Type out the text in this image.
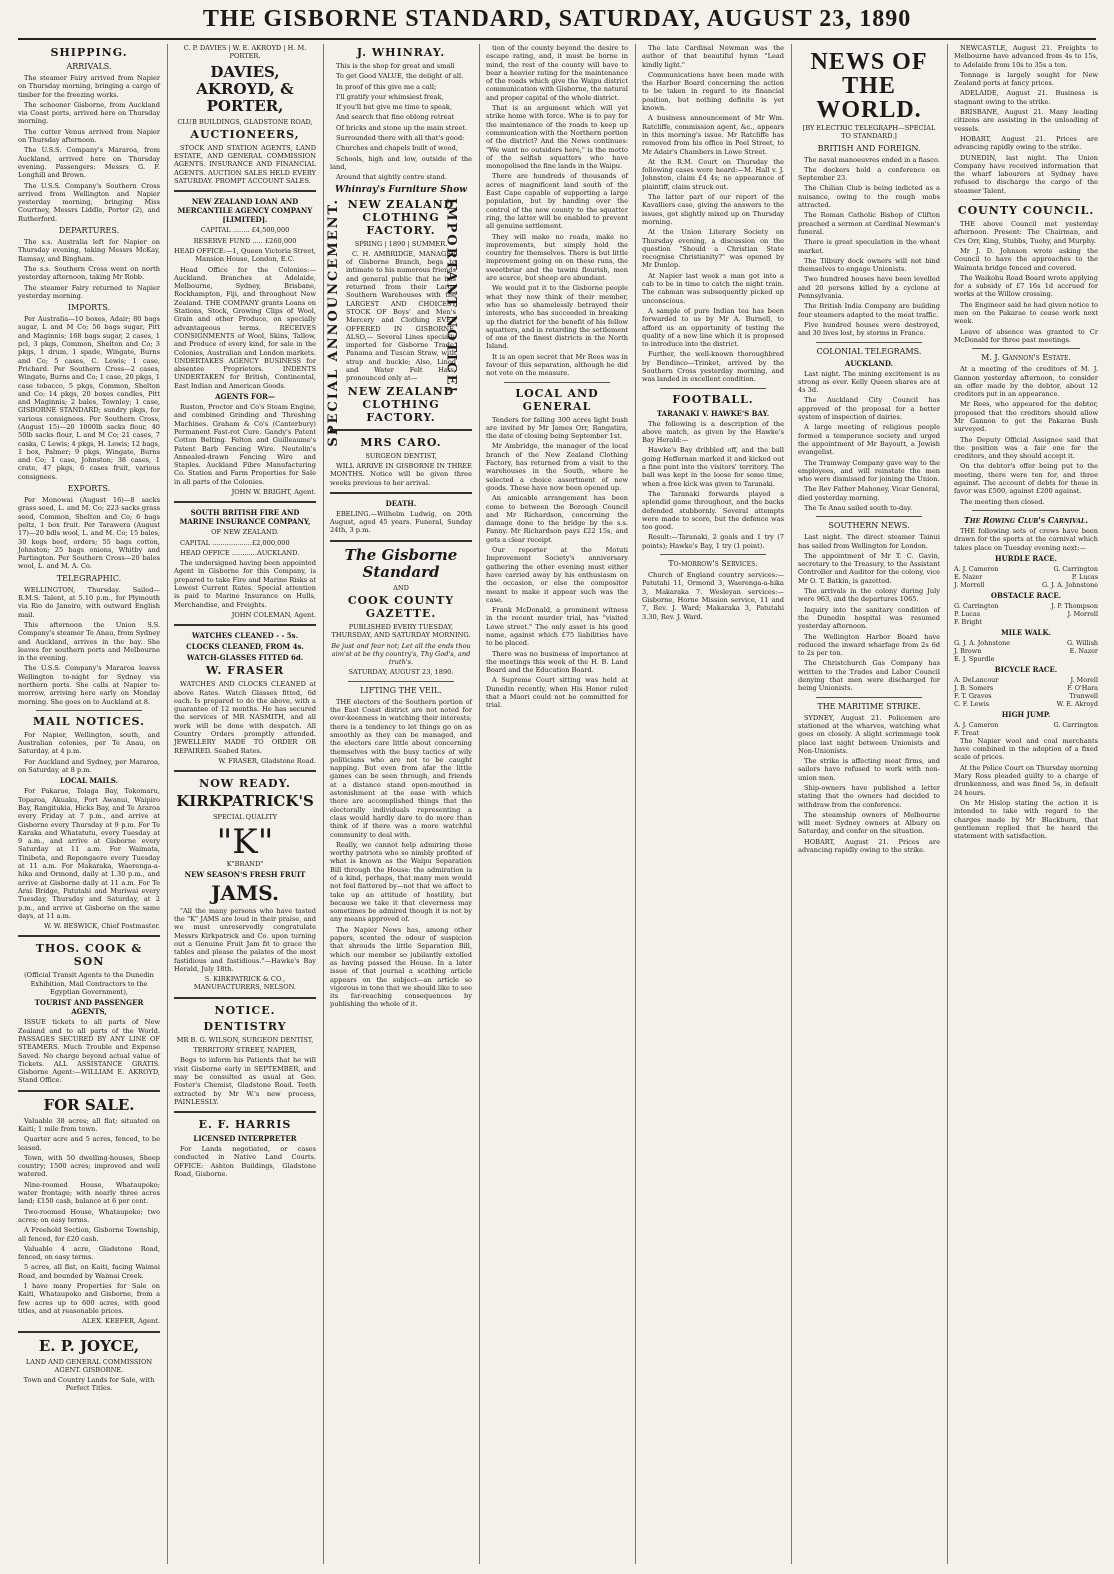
THE GISBORNE STANDARD, SATURDAY, AUGUST 23, 1890
SHIPPING.
ARRIVALS.

The steamer Fairy arrived from Napier on Thursday morning, bringing a cargo of timber for the freezing works.

The schooner Gisborne, from Auckland via Coast ports, arrived here on Thursday morning.

The cutter Venus arrived from Napier on Thursday afternoon.

The U.S.S. Company's Mararoa, from Auckland, arrived here on Thursday evening. Passengers: Messrs G. F. Longhill and Brown.

The U.S.S. Company's Southern Cross arrived from Wellington and Napier yesterday morning, bringing Miss Courtney, Messrs Liddle, Porter (2), and Rutherford.

DEPARTURES.

The s.s. Australia left for Napier on Thursday evening, taking Messrs McKay, Ramsay, and Bingham.

The s.s. Southern Cross went on north yesterday afternoon, taking Mr Robb.

The steamer Fairy returned to Napier yesterday morning.

IMPORTS.

Per Australia—10 boxes, Adair; 80 bags sugar, L and M Co; 56 bags sugar, Pitt and Maginnis; 168 bags sugar, 2 cases, 1 pcl, 3 pkgs, Common, Shelton and Co; 3 pkgs, 1 drum, 1 spade, Wingate, Burns and Co; 5 cases, C. Lewis; 1 case, Prichard. Per Southern Cross—2 cases, Wingate, Burns and Co; 1 case, 20 pkgs, 1 case tobacco, 5 pkgs, Common, Shelton and Co; 14 pkgs, 20 boxes candles, Pitt and Maginnis; 2 bales, Townley; 1 case, GISBORNE STANDARD; sundry pkgs, for various consignees. Per Southern Cross, (August 15)—20 1000lb sacks flour, 40 50lb sacks flour, L and M Co; 21 cases, 7 casks, C Lewis; 4 pkgs, H. Lewis; 12 bags, 1 box, Palmer; 9 pkgs, Wingate, Burns and Co; 1 case, Johnston; 38 cases, 1 crate, 47 pkgs, 6 cases fruit, various consignees.

EXPORTS.

Per Monowai (August 16)—8 sacks grass seed, L. and M. Co; 223 sacks grass seed, Common, Shelton and Co; 6 bags peltz, 1 box fruit. Per Tarawera (August 17)—20 bdls wool, L. and M. Co; 15 bales, 30 kegs beef, orders; 55 bags cotton, Johnston; 25 bags onions, Whitby and Partington. Per Southern Cross—20 bales wool, L. and M. A. Co.

TELEGRAPHIC.

WELLINGTON, Thursday. Sailed—R.M.S. Talent, at 5.10 p.m., for Plymouth via Rio de Janeiro, with outward English mail.

This afternoon the Union S.S. Company's steamer Te Anau, from Sydney and Auckland, arrives in the bay. She leaves for southern ports and Melbourne in the evening.

The U.S.S. Company's Mararoa leaves Wellington to-night for Sydney via northern ports. She calls at Napier to-morrow, arriving here early on Monday morning. She goes on to Auckland at 8.

MAIL NOTICES.

For Napier, Wellington, south, and Australian colonies, per Te Anau, on Saturday, at 4 p.m.

For Auckland and Sydney, per Mararoa, on Saturday, at 8 p.m.

LOCAL MAILS.

For Pakarae, Tolaga Bay, Tokomaru, Toparoa, Akuaku, Port Awanui, Waipiro Bay, Rangitukia, Hicks Bay, and Te Araroa every Friday at 7 p.m., and arrive at Gisborne every Thursday at 9 p.m. For Te Karaka and Whatatutu, every Tuesday at 9 a.m., and arrive at Gisborne every Saturday at 11 a.m. For Waimata, Tinibeta, and Repongaere every Tuesday at 11 a.m. For Makaraka, Waerenga-a-hika and Ormond, daily at 1.30 p.m., and arrive at Gisborne daily at 11 a.m. For Te Arai Bridge, Patutahi and Muriwai every Tuesday, Thursday and Saturday, at 2 p.m., and arrive at Gisborne on the same days, at 11 a.m.

W. W. BESWICK, Chief Postmaster.

THOS. COOK & SON

(Official Transit Agents to the Dunedin Exhibition, Mail Contractors to the Egyptian Government),

TOURIST AND PASSENGER AGENTS,

ISSUE tickets to all parts of New Zealand and to all parts of the World. PASSAGES SECURED BY ANY LINE OF STEAMERS. Much Trouble and Expense Saved. No charge beyond actual value of Tickets. ALL ASSISTANCE GRATIS. Gisborne Agent:—WILLIAM E. AKROYD, Stand Office.

FOR SALE.

Valuable 38 acres; all flat; situated on Kaiti; 1 mile from town.

Quarter acre and 5 acres, fenced, to be leased.

Town, with 50 dwelling-houses, Sheep country; 1500 acres; improved and well watered.

Nine-roomed House, Whataupoko; water frontage; with nearly three acres land; £150 cash, balance at 6 per cent.

Two-roomed House, Whataupoko; two acres; on easy terms.

A Freehold Section, Gisborne Township, all fenced, for £20 cash.

Valuable 4 acre, Gladstone Road, fenced, on easy terms.

5 acres, all flat, on Kaiti, facing Waimai Road, and bounded by Waimai Creek.

I have many Properties for Sale on Kaiti, Whataupoko and Gisborne, from a few acres up to 600 acres, with good titles, and at reasonable prices.

ALEX. KEEFER, Agent.

E. P. JOYCE,

LAND AND GENERAL COMMISSION AGENT. GISBORNE.

Town and Country Lands for Sale, with Perfect Titles.

C. P. DAVIES | W. E. AKROYD | H. M. PORTER.

DAVIES, AKROYD, & PORTER,

CLUB BUILDINGS, GLADSTONE ROAD,

AUCTIONEERS,

STOCK AND STATION AGENTS, LAND ESTATE, AND GENERAL COMMISSION AGENTS. INSURANCE AND FINANCIAL AGENTS. AUCTION SALES HELD EVERY SATURDAY. PROMPT ACCOUNT SALES.

NEW ZEALAND LOAN AND MERCANTILE AGENCY COMPANY [LIMITED].

CAPITAL ........ £4,500,000

RESERVE FUND ..... £260,000

HEAD OFFICE:—1, Queen Victoria Street, Mansion House, London, E.C.

Head Office for the Colonies:—Auckland. Branches at Adelaide, Melbourne, Sydney, Brisbane, Rockhampton, Fiji, and throughout New Zealand. THE COMPANY grants Loans on Stations, Stock, Growing Clips of Wool, Grain and other Produce, on specially advantageous terms. RECEIVES CONSIGNMENTS of Wool, Skins, Tallow, and Produce of every kind, for sale in the Colonies, Australian and London markets. UNDERTAKES AGENCY BUSINESS for absentee Proprietors. INDENTS UNDERTAKEN for British, Continental, East Indian and American Goods.

AGENTS FOR—

Ruston, Proctor and Co's Steam Engine, and combined Grinding and Threshing Machines. Graham & Co's (Canterbury) Permanent Fast-rot Cure. Gandy's Patent Cotton Belting. Felton and Guilleaume's Patent Barb Fencing Wire. Neutolin's Annealed-drawn Fencing Wire and Staples. Auckland Fibre Manufacturing Co. Station and Farm Properties for Sale in all parts of the Colonies.

JOHN W. BRIGHT, Agent.

SOUTH BRITISH FIRE AND MARINE INSURANCE COMPANY,

OF NEW ZEALAND.

CAPITAL ...................£2,000,000

HEAD OFFICE ............AUCKLAND.

The undersigned having been appointed Agent in Gisborne for this Company, is prepared to take Fire and Marine Risks at Lowest Current Rates. Special attention is paid to Marine Insurance on Hulls, Merchandise, and Freights.

JOHN COLEMAN, Agent.

WATCHES CLEANED - - 5s.
CLOCKS CLEANED, FROM 4s.
WATCH-GLASSES FITTED 6d.
W. FRASER

WATCHES AND CLOCKS CLEANED at above Rates. Watch Glasses fitted, 6d each. Is prepared to do the above, with a guarantee of 12 months. He has secured the services of MR NASMITH, and all work will be done with despatch. All Country Orders promptly attended. JEWELLERY MADE TO ORDER OR REPAIRED. Seabed Rates.

W. FRASER, Gladstone Road.

NOW READY.
KIRKPATRICK'S

SPECIAL QUALITY

"K"

K"BRAND"

NEW SEASON'S FRESH FRUIT
JAMS.

"All the many persons who have tasted the "K" JAMS are loud in their praise, and we must unreservedly congratulate Messrs Kirkpatrick and Co. upon turning out a Genuine Fruit Jam fit to grace the tables and please the palates of the most fastidious and fastidious."—Hawke's Bay Herald, July 18th.

S. KIRKPATRICK & CO., MANUFACTURERS, NELSON.

NOTICE.
DENTISTRY

MR B. G. WILSON, SURGEON DENTIST,

TERRITORY STREET, NAPIER,

Begs to inform his Patients that he will visit Gisborne early in SEPTEMBER, and may be consulted as usual at Geo. Foster's Chemist, Gladstone Road. Teeth extracted by Mr W.'s new process, PAINLESSLY.

E. F. HARRIS
LICENSED INTERPRETER

For Lands negotiated, or cases conducted in Native Land Courts. OFFICE: Ashton Buildings, Gladstone Road, Gisborne.

J. WHINRAY.

This is the shop for great and small

To get Good VALUE, the delight of all.

In proof of this give me a call;

I'll gratify your whimsiest freak,

If you'll but give me time to speak,

And search that fine oblong retreat

Of bricks and stone up the main street.

Surrounded there with all that's good:

Churches and chapels built of wood,

Schools, high and low, outside of the land,

Around that sightly centre stand.

Whinray's Furniture Show

SPECIAL ANNOUNCEMENT.	IMPORTANT NOTICE!
NEW ZEALAND CLOTHING FACTORY.

SPRING | 1890 | SUMMER.

C. H. AMBRIDGE, MANAGER of Gisborne Branch, begs to intimate to his numerous friends and general public that he has returned from their Large Southern Warehouses with the LARGEST AND CHOICEST STOCK OF Boys' and Men's Mercery and Clothing EVER OFFERED IN GISBORNE. ALSO,— Several Lines specially imported for Gisborne Trade. Panama and Tuscan Straw, with strap and buckle; Also, Lined and Water Felt Hats, pronounced only at—

NEW ZEALAND CLOTHING FACTORY.
MRS CARO.

SURGEON DENTIST,

WILL ARRIVE IN GISBORNE IN THREE MONTHS. Notice will be given three weeks previous to her arrival.

DEATH.

EBELING.—Wilhelm Ludwig, on 20th August, aged 45 years. Funeral, Sunday 24th, 3 p.m.

The Gisborne Standard

AND

COOK COUNTY GAZETTE.

PUBLISHED EVERY TUESDAY, THURSDAY, AND SATURDAY MORNING.

Be just and fear not; Let all the ends thou aim'st at be thy country's, Thy God's, and truth's.

SATURDAY, AUGUST 23, 1890.

LIFTING THE VEIL.

THE electors of the Southern portion of the East Coast district are not noted for over-keenness in watching their interests; there is a tendency to let things go on as smoothly as they can be managed, and the electors care little about concerning themselves with the busy tactics of wily politicians who are not to be caught napping. But even from afar the little games can be seen through, and friends at a distance stand open-mouthed in astonishment at the ease with which there are accomplished things that the electorally individuals representing a class would hardly dare to do more than think of if there was a more watchful community to deal with.

Really, we cannot help admiring those worthy patriots who so nimbly profited of what is known as the Waipu Separation Bill through the House: the admiration is of a kind, perhaps, that many men would not feel flattered by—not that we affect to take up an attitude of hostility, but because we take it that cleverness may sometimes be admired though it is not by any means approved of.

The Napier News has, among other papers, scented the odour of suspicion that shrouds the little Separation Bill, which our member so jubilantly extolled as having passed the House. In a later issue of that journal a scathing article appears on the subject—an article so vigorous in tone that we should like to see its far-reaching consequences by publishing the whole of it.

tion of the county beyond the desire to escape rating, and, it must be borne in mind, the rest of the county will have to bear a heavier rating for the maintenance of the roads which give the Waipu district communication with Gisborne, the natural and proper capital of the whole district.

That is an argument which will yet strike home with force. Who is to pay for the maintenance of the roads to keep up communication with the Northern portion of the district? And the News continues: "We want no outsiders here," is the motto of the selfish squatters who have monopolised the fine lands in the Waipu.

There are hundreds of thousands of acres of magnificent land south of the East Cape capable of supporting a large population, but by handing over the control of the new county to the squatter ring, the latter will be enabled to prevent all genuine settlement.

They will make no roads, make no improvements, but simply hold the country for themselves. There is but little improvement going on on these runs, the sweetbriar and the tawini flourish, men are scarce, but sheep are abundant.

We would put it to the Gisborne people what they now think of their member, who has so shamelessly betrayed their interests, who has succeeded in breaking up the district for the benefit of his fellow squatters, and in retarding the settlement of one of the finest districts in the North Island.

It is an open secret that Mr Rees was in favour of this separation, although he did not vote on the measure.

LOCAL AND GENERAL

Tenders for falling 300 acres light bush are invited by Mr James Orr, Rangatira, the date of closing being September 1st.

Mr Ambridge, the manager of the local branch of the New Zealand Clothing Factory, has returned from a visit to the warehouses in the South, where he selected a choice assortment of new goods. These have now been opened up.

An amicable arrangement has been come to between the Borough Council and Mr Richardson, concerning the damage done to the bridge by the s.s. Fanny. Mr Richardson pays £22 15s, and gets a clear receipt.

Our reporter at the Motuti Improvement Society's anniversary gathering the other evening must either have carried away by his enthusiasm on the occasion, or else the compositor meant to make it appear such was the case.

Frank McDonald, a prominent witness in the recent murder trial, has "visited Lowe street." The only asset is his good name, against which £75 liabilities have to be placed.

There was no business of importance at the meetings this week of the H. B. Land Board and the Education Board.

A Supreme Court sitting was held at Dunedin recently, when His Honor ruled that a Maori could not be committed for trial.

The late Cardinal Newman was the author of that beautiful hymn "Lead kindly light."

Communications have been made with the Harbor Board concerning the action to be taken in regard to its financial position, but nothing definite is yet known.

A business announcement of Mr Wm. Ratcliffe, commission agent, &c., appears in this morning's issue. Mr Ratcliffe has removed from his office in Peel Street, to Mr Adair's Chambers in Lowe Street.

At the R.M. Court on Thursday the following cases were heard:—M. Hall v. J. Johnston, claim £4 4s; no appearance of plaintiff, claim struck out.

The latter part of our report of the Kavalliers case, giving the answers to the issues, got slightly mixed up on Thursday morning.

At the Union Literary Society on Thursday evening, a discussion on the question "Should a Christian State recognise Christianity?" was opened by Mr Dunlop.

At Napier last week a man got into a cab to be in time to catch the night train. The cabman was subsequently picked up unconscious.

A sample of pure Indian tea has been forwarded to us by Mr A. Burnell, to afford us an opportunity of testing the quality of a new line which it is proposed to introduce into the district.

Further, the well-known thoroughbred by Bendinco—Trinket, arrived by the Southern Cross yesterday morning, and was landed in excellent condition.

FOOTBALL.
TARANAKI V. HAWKE'S BAY.

The following is a description of the above match, as given by the Hawke's Bay Herald:—

Hawke's Bay dribbled off, and the ball going Heffernan marked it and kicked out a fine punt into the visitors' territory. The ball was kept in the loose for some time, when a free kick was given to Taranaki.

The Taranaki forwards played a splendid game throughout, and the backs defended stubbornly. Several attempts were made to score, but the defence was too good.

Result:—Taranaki, 2 goals and 1 try (7 points); Hawke's Bay, 1 try (1 point).

To-morrow's Services.

Church of England country services:—Patutahi 11, Ormond 3, Waerenga-a-hika 3, Makaraka 7. Wesleyan services:—Gisborne, Horne Mission service, 11 and 7, Rev. J. Ward; Makaraka 3, Patutahi 3.30, Rev. J. Ward.

NEWS OF THE WORLD.

[BY ELECTRIC TELEGRAPH—SPECIAL TO STANDARD.]

BRITISH AND FOREIGN.

The naval manoeuvres ended in a fiasco.

The dockers hold a conference on September 23.

The Chilian Club is being indicted as a nuisance, owing to the rough mobs attracted.

The Roman Catholic Bishop of Clifton preached a sermon at Cardinal Newman's funeral.

There is great speculation in the wheat market.

The Tilbury dock owners will not bind themselves to engage Unionists.

Two hundred houses have been levelled and 20 persons killed by a cyclone at Pennsylvania.

The British India Company are building four steamers adapted to the meat traffic.

Five hundred houses were destroyed, and 30 lives lost, by storms in France.

COLONIAL TELEGRAMS.
AUCKLAND.

Last night. The mining excitement is as strong as ever. Kelly Queen shares are at 4s 3d.

The Auckland City Council has approved of the proposal for a better system of inspection of dairies.

A large meeting of religious people formed a temperance society and urged the appointment of Mr Bayoutt, a Jewish evangelist.

The Tramway Company gave way to the employees, and will reinstate the men who were dismissed for joining the Union.

The Rev Father Mahoney, Vicar General, died yesterday morning.

The Te Anau sailed south to-day.

SOUTHERN NEWS.

Last night. The direct steamer Tainui has sailed from Wellington for London.

The appointment of Mr T. C. Gavin, secretary to the Treasury, to the Assistant Controller and Auditor for the colony, vice Mr O. T. Batkin, is gazetted.

The arrivals in the colony during July were 963, and the departures 1065.

Inquiry into the sanitary condition of the Dunedin hospital was resumed yesterday afternoon.

The Wellington Harbor Board have reduced the inward wharfage from 2s 6d to 2s per ton.

The Christchurch Gas Company has written to the Trades and Labor Council denying that men were discharged for being Unionists.

THE MARITIME STRIKE.

SYDNEY, August 21. Policemen are stationed at the wharves, watching what goes on closely. A slight scrimmage took place last night between Unionists and Non-Unionists.

The strike is affecting meat firms, and sailors have refused to work with non-union men.

Ship-owners have published a letter stating that the owners had decided to withdraw from the conference.

The steamship owners of Melbourne will meet Sydney owners at Albury on Saturday, and confer on the situation.

HOBART, August 21. Prices are advancing rapidly owing to the strike.

NEWCASTLE, August 21. Freights to Melbourne have advanced from 4s to 15s, to Adelaide from 10s to 35s a ton.

Tonnage is largely sought for New Zealand ports at fancy prices.

ADELAIDE, August 21. Business is stagnant owing to the strike.

BRISBANE, August 21. Many leading citizens are assisting in the unloading of vessels.

HOBART, August 21. Prices are advancing rapidly owing to the strike.

DUNEDIN, last night. The Union Company have received information that the wharf labourers at Sydney have refused to discharge the cargo of the steamer Talent.

COUNTY COUNCIL.

THE above Council met yesterday afternoon. Present: The Chairman, and Crs Orr, King, Stubbs, Tuohy, and Murphy.

Mr J. D. Johnson wrote asking the Council to have the approaches to the Waimata bridge fenced and covered.

The Waikohu Road Board wrote applying for a subsidy of £7 16s 1d accrued for works at the Willow crossing.

The Engineer said he had given notice to men on the Pakarae to cease work next week.

Leave of absence was granted to Cr McDonald for three past meetings.

M. J. Gannon's Estate.

At a meeting of the creditors of M. J. Gannon yesterday afternoon, to consider an offer made by the debtor, about 12 creditors put in an appearance.

Mr Rees, who appeared for the debtor, proposed that the creditors should allow Mr Gannon to get the Pakarae Bush surveyed.

The Deputy Official Assignee said that the position was a fair one for the creditors, and they should accept it.

On the debtor's offer being put to the meeting, there were ten for, and three against. The account of debts for those in favor was £500, against £200 against.

The meeting then closed.

The Rowing Club's Carnival.

THE following sets of crews have been drawn for the sports at the carnival which takes place on Tuesday evening next:—

HURDLE RACE.
A. J. Cameron	G. Carrington
E. Nazer	P. Lucas
J. Morrell	G. J. A. Johnstone
OBSTACLE RACE.
G. Carrington	J. P. Thompson
P. Lucas	J. Morrell
F. Bright
MILE WALK.
G. J. A. Johnstone	G. Willish
J. Brown	E. Nazer
E. J. Spurdle
BICYCLE RACE.
A. DeLancour	J. Morell
J. B. Somers	F. O'Hara
F. T. Graves	Tranwell
C. F. Lewis	W. E. Akroyd
HIGH JUMP.
A. J. Cameron	G. Carrington
F. Treat

The Napier wool and coal merchants have combined in the adoption of a fixed scale of prices.

At the Police Court on Thursday morning Mary Ross pleaded guilty to a charge of drunkenness, and was fined 5s, in default 24 hours.

On Mr Hislop stating the action it is intended to take with regard to the charges made by Mr Blackburn, that gentleman replied that he heard the statement with satisfaction.
